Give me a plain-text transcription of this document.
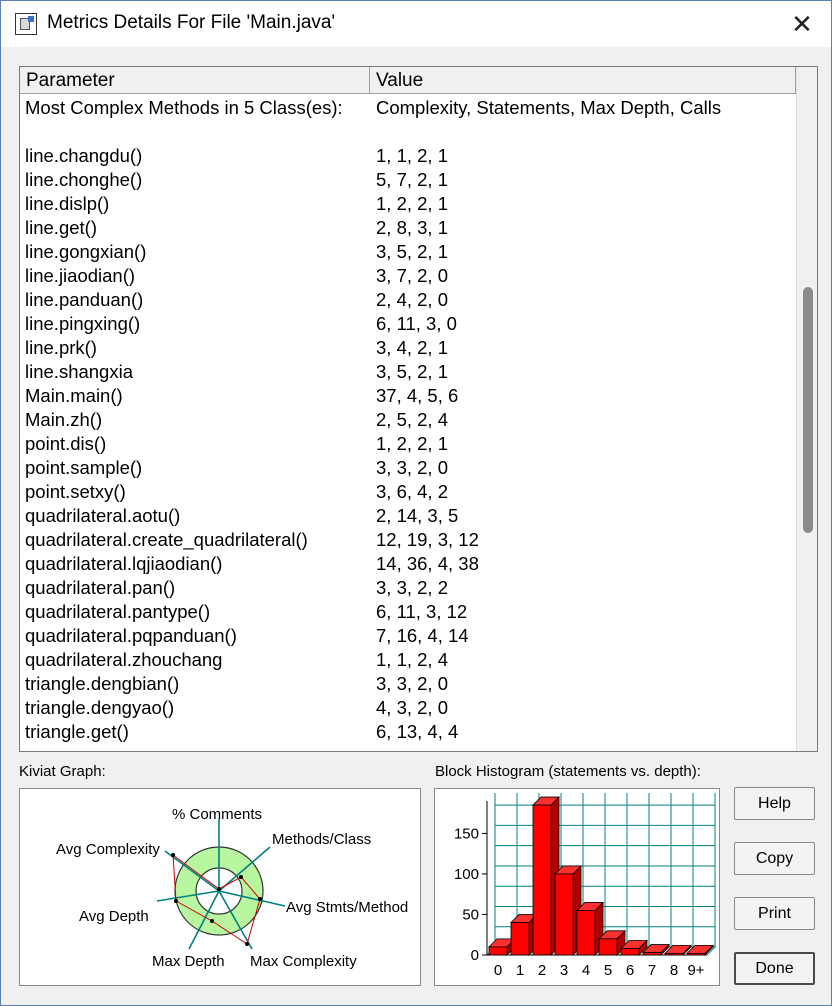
Metrics Details For File 'Main.java'	✕
Parameter	Value
Most Complex Methods in 5 Class(es): Complexity, Statements, Max Depth, Calls
line.changdu()	1, 1, 2, 1
line.chonghe()	5, 7, 2, 1
line.dislp()	1, 2, 2, 1
line.get()	2, 8, 3, 1
line.gongxian()	3, 5, 2, 1
line.jiaodian()	3, 7, 2, 0
line.panduan()	2, 4, 2, 0
line.pingxing()	6, 11, 3, 0
line.prk()	3, 4, 2, 1
line.shangxia	3, 5, 2, 1
Main.main()	37, 4, 5, 6
Main.zh()	2, 5, 2, 4
point.dis()	1, 2, 2, 1
point.sample()	3, 3, 2, 0
point.setxy()	3, 6, 4, 2
quadrilateral.aotu()	2, 14, 3, 5
quadrilateral.create_quadrilateral()	12, 19, 3, 12
quadrilateral.lqjiaodian()	14, 36, 4, 38
quadrilateral.pan()	3, 3, 2, 2
quadrilateral.pantype()	6, 11, 3, 12
quadrilateral.pqpanduan()	7, 16, 4, 14
quadrilateral.zhouchang	1, 1, 2, 4
triangle.dengbian()	3, 3, 2, 0
triangle.dengyao()	4, 3, 2, 0
triangle.get()	6, 13, 4, 4
Kiviat Graph:	Block Histogram (statements vs. depth):
% Comments
Methods/Class
Avg Stmts/Method
Max Complexity
Max Depth
Avg Depth
Avg Complexity
0
50
100
150
0 1 2 3 4 5 6 7 8 9+
Help
Copy
Print
Done
